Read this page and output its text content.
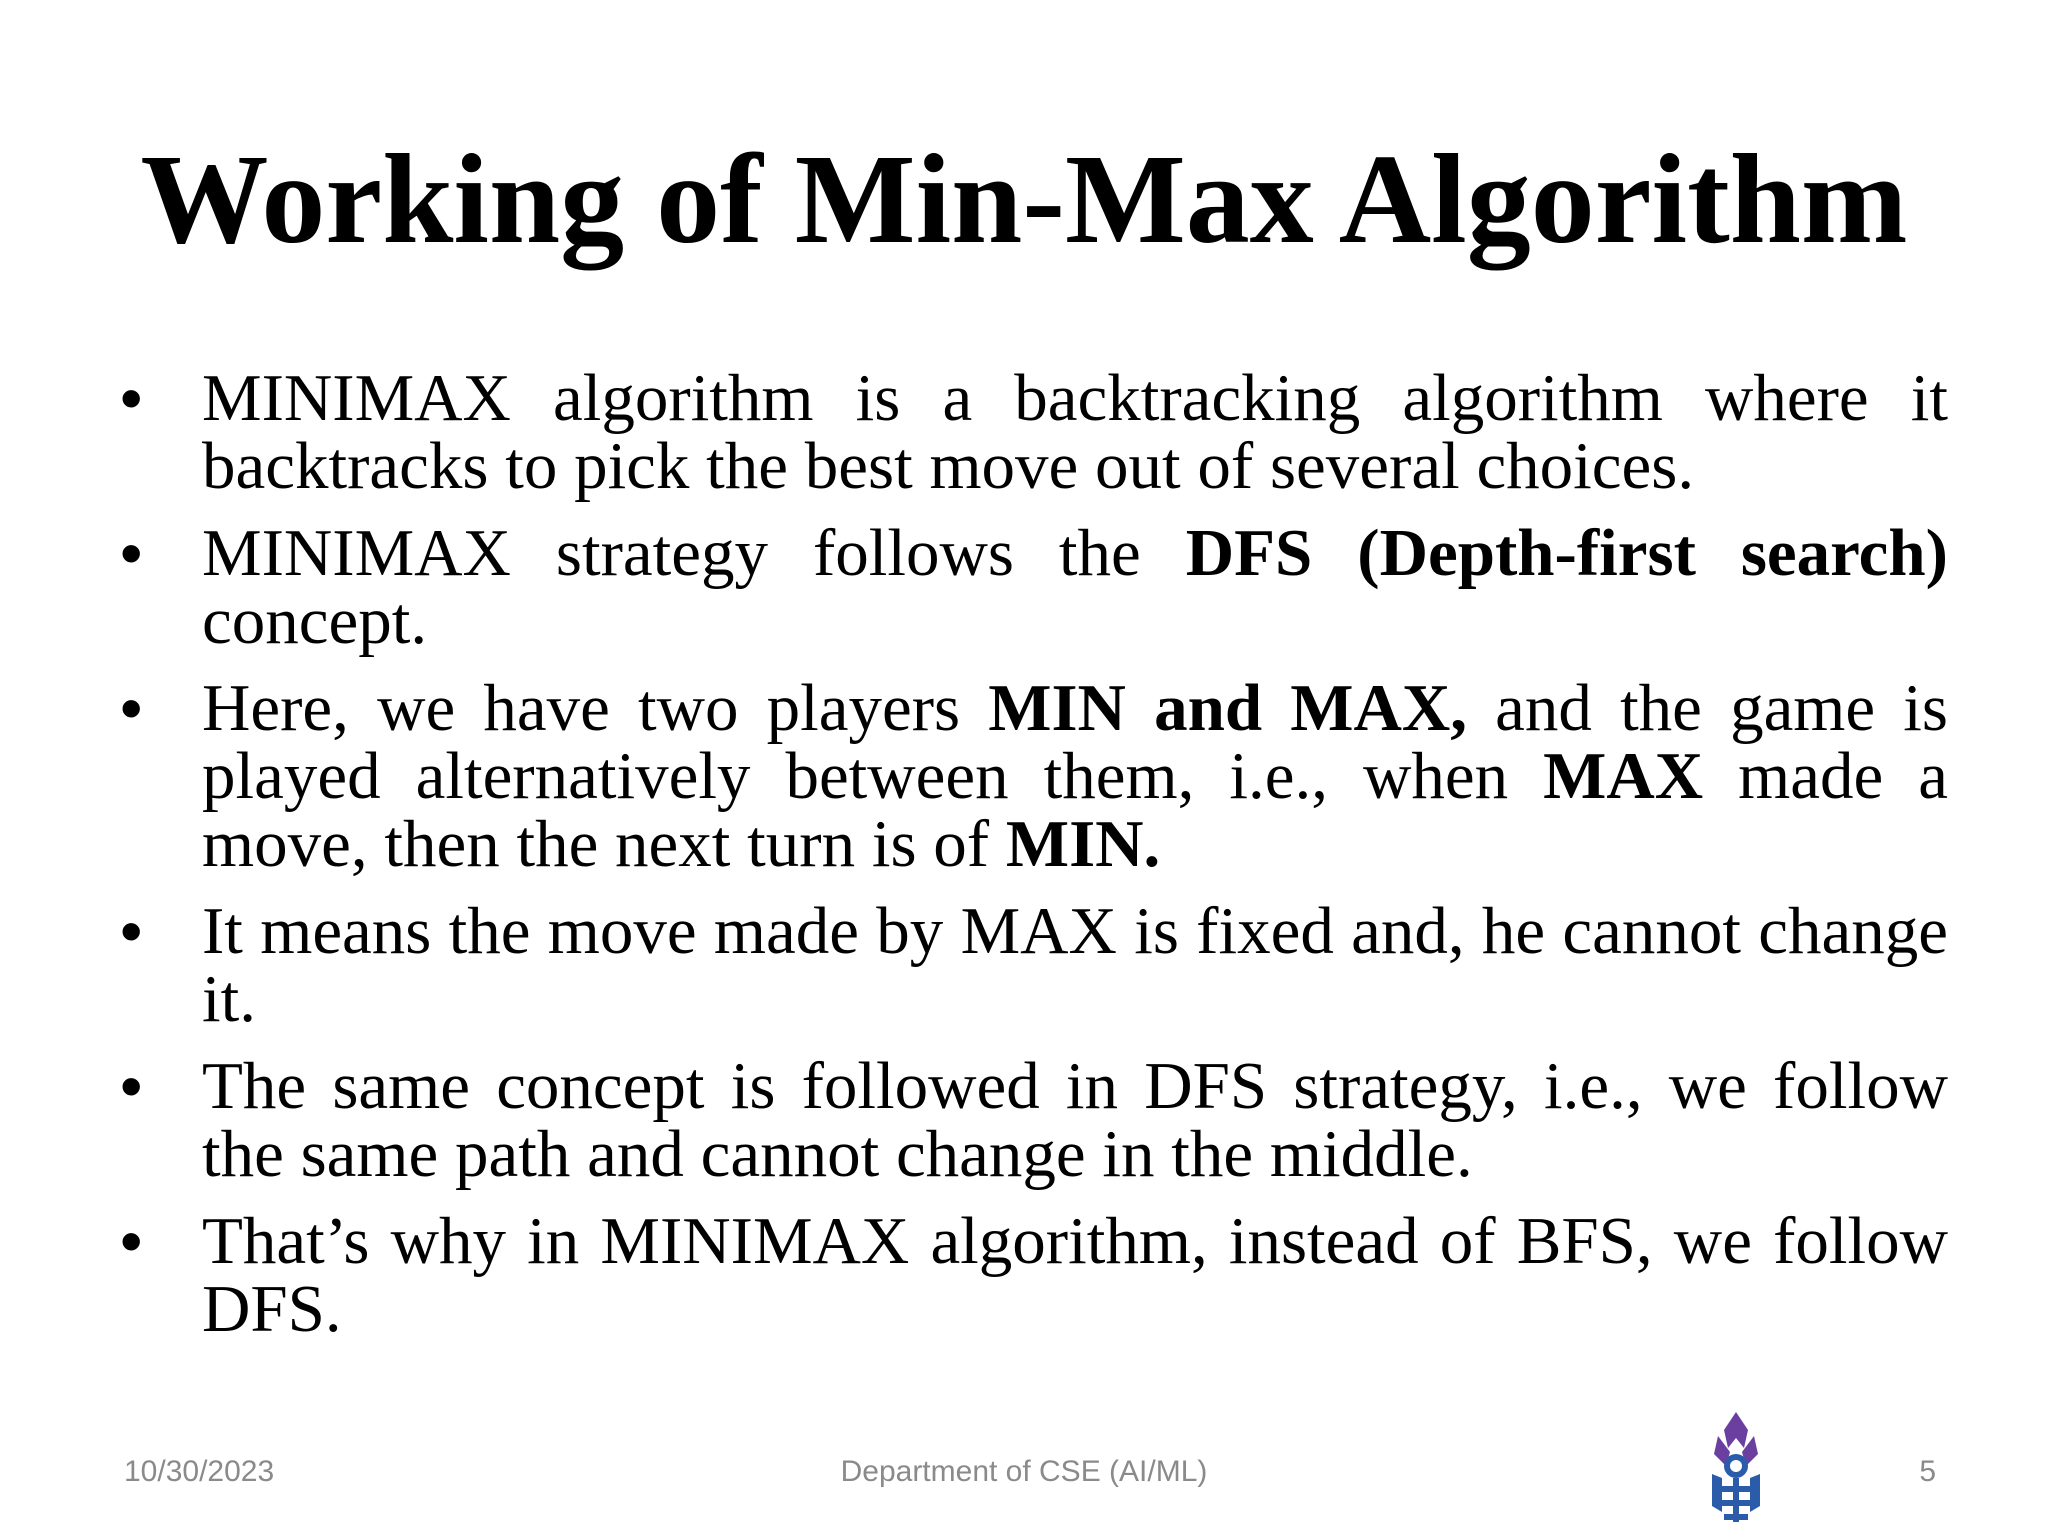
Working of Min-Max Algorithm
• MINIMAX algorithm is a backtracking algorithm where it backtracks to pick the best move out of several choices.
• MINIMAX strategy follows the DFS (Depth-first search) concept.
• Here, we have two players MIN and MAX, and the game is played alternatively between them, i.e., when MAX made a move, then the next turn is of MIN.
• It means the move made by MAX is fixed and, he cannot change it.
• The same concept is followed in DFS strategy, i.e., we follow the same path and cannot change in the middle.
• That’s why in MINIMAX algorithm, instead of BFS, we follow DFS.
10/30/2023	Department of CSE (AI/ML)	5
